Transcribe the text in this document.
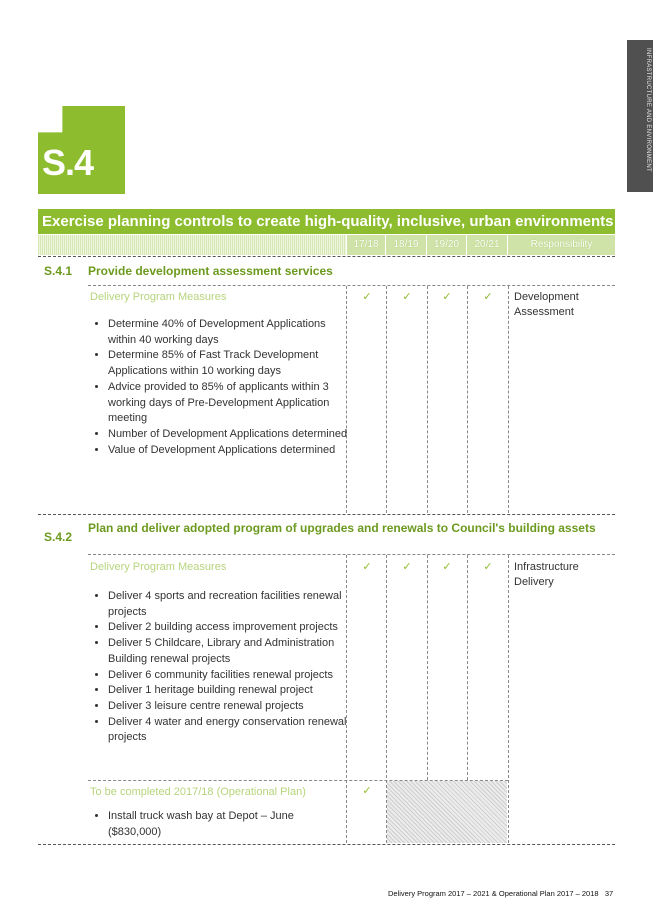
INFRASTRUCTURE AND ENVIRONMENT
S.4
Exercise planning controls to create high-quality, inclusive, urban environments
17/18	18/19	19/20	20/21	Responsibility
S.4.1 Provide development assessment services
Delivery Program Measures	✓	✓	✓	✓	Development Assessment
• Determine 40% of Development Applications within 40 working days
• Determine 85% of Fast Track Development Applications within 10 working days
• Advice provided to 85% of applicants within 3 working days of Pre-Development Application meeting
• Number of Development Applications determined
• Value of Development Applications determined
S.4.2
Plan and deliver adopted program of upgrades and renewals to Council's building assets
Delivery Program Measures	✓	✓	✓	✓	Infrastructure Delivery
• Deliver 4 sports and recreation facilities renewal projects
• Deliver 2 building access improvement projects
• Deliver 5 Childcare, Library and Administration Building renewal projects
• Deliver 6 community facilities renewal projects
• Deliver 1 heritage building renewal project
• Deliver 3 leisure centre renewal projects
• Deliver 4 water and energy conservation renewal projects
To be completed 2017/18 (Operational Plan)	✓
• Install truck wash bay at Depot – June ($830,000)
Delivery Program 2017 – 2021 & Operational Plan 2017 – 2018 37
